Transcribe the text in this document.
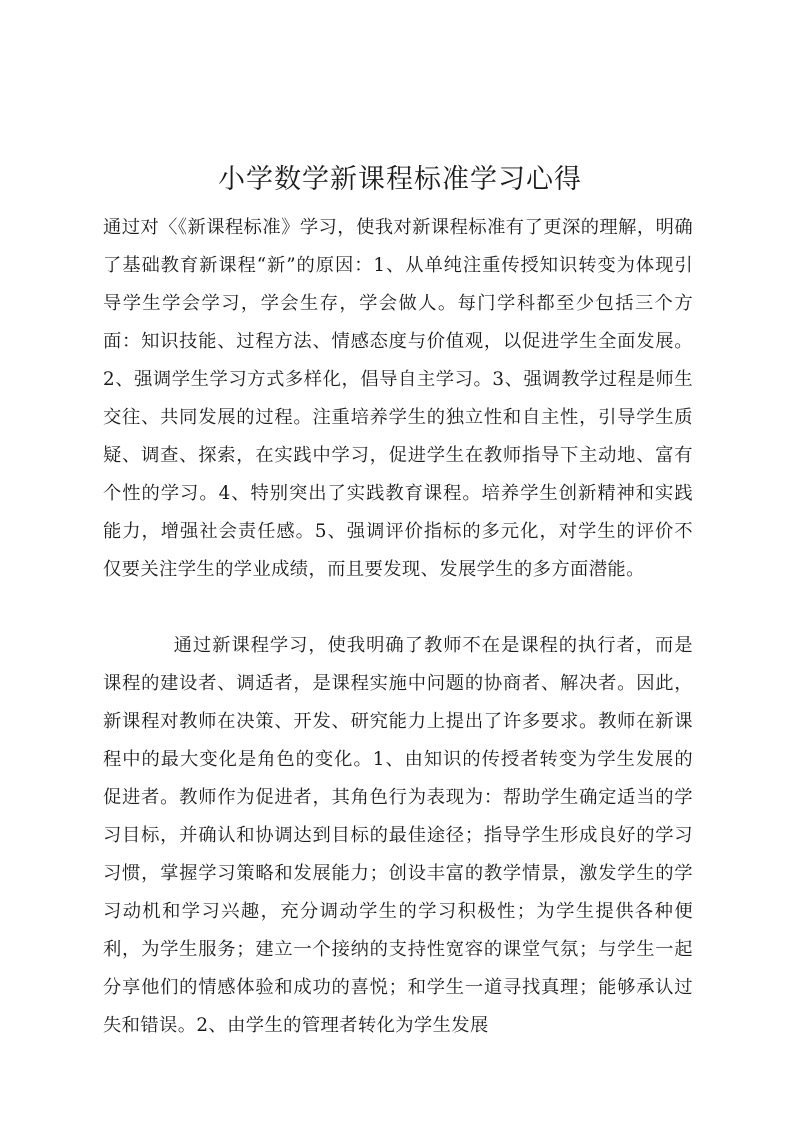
小学数学新课程标准学习心得

通过对〈《新课程标准》学习，使我对新课程标准有了更深的理解，明确了基础教育新课程“新”的原因：1、从单纯注重传授知识转变为体现引导学生学会学习，学会生存，学会做人。每门学科都至少包括三个方面：知识技能、过程方法、情感态度与价值观，以促进学生全面发展。2、强调学生学习方式多样化，倡导自主学习。3、强调教学过程是师生交往、共同发展的过程。注重培养学生的独立性和自主性，引导学生质疑、调查、探索，在实践中学习，促进学生在教师指导下主动地、富有个性的学习。4、特别突出了实践教育课程。培养学生创新精神和实践能力，增强社会责任感。5、强调评价指标的多元化，对学生的评价不仅要关注学生的学业成绩，而且要发现、发展学生的多方面潜能。

通过新课程学习，使我明确了教师不在是课程的执行者，而是课程的建设者、调适者，是课程实施中问题的协商者、解决者。因此，新课程对教师在决策、开发、研究能力上提出了许多要求。教师在新课程中的最大变化是角色的变化。1、由知识的传授者转变为学生发展的促进者。教师作为促进者，其角色行为表现为：帮助学生确定适当的学习目标，并确认和协调达到目标的最佳途径；指导学生形成良好的学习习惯，掌握学习策略和发展能力；创设丰富的教学情景，激发学生的学习动机和学习兴趣，充分调动学生的学习积极性；为学生提供各种便利，为学生服务；建立一个接纳的支持性宽容的课堂气氛；与学生一起分享他们的情感体验和成功的喜悦；和学生一道寻找真理；能够承认过失和错误。2、由学生的管理者转化为学生发展
